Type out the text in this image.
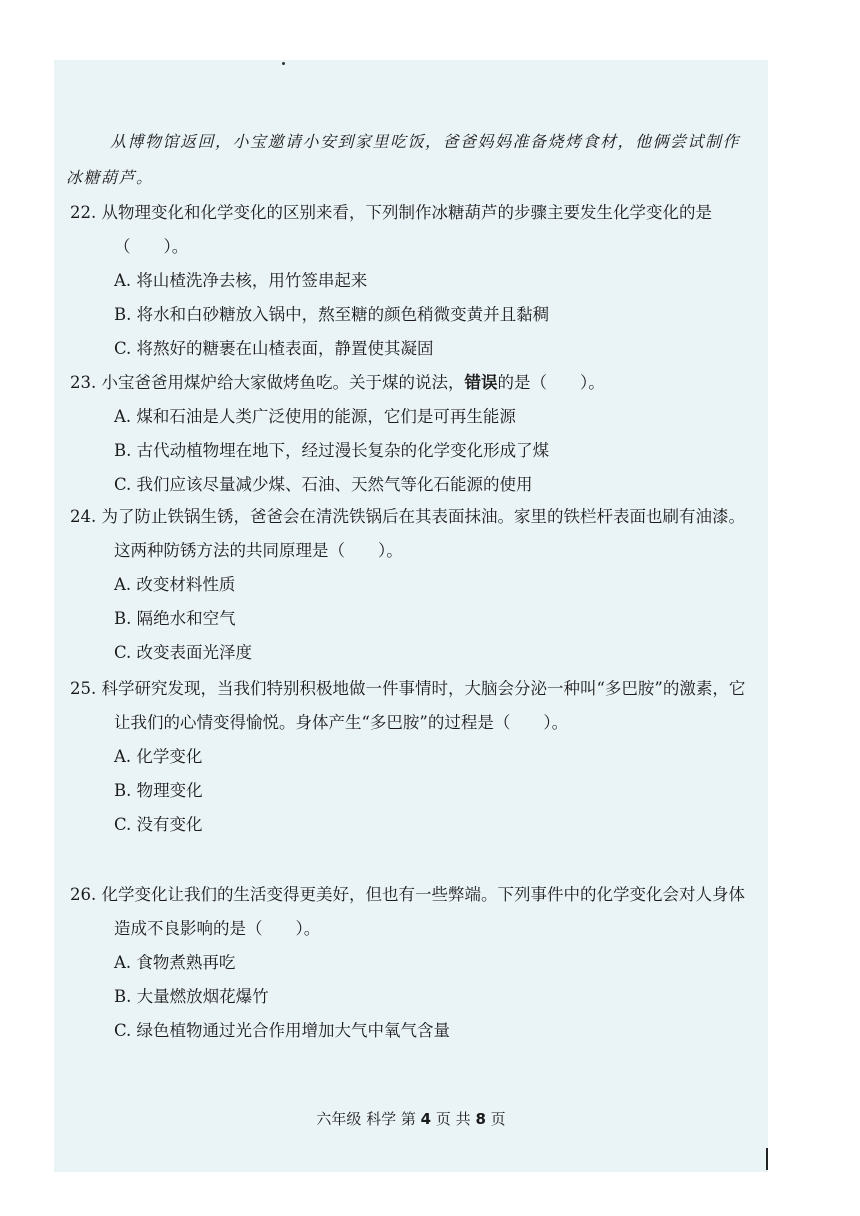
从博物馆返回，小宝邀请小安到家里吃饭，爸爸妈妈准备烧烤食材，他俩尝试制作冰糖葫芦。

22. 从物理变化和化学变化的区别来看，下列制作冰糖葫芦的步骤主要发生化学变化的是（　　）。

A. 将山楂洗净去核，用竹签串起来

B. 将水和白砂糖放入锅中，熬至糖的颜色稍微变黄并且黏稠

C. 将熬好的糖裹在山楂表面，静置使其凝固

23. 小宝爸爸用煤炉给大家做烤鱼吃。关于煤的说法，错误的是（　　）。

A. 煤和石油是人类广泛使用的能源，它们是可再生能源

B. 古代动植物埋在地下，经过漫长复杂的化学变化形成了煤

C. 我们应该尽量减少煤、石油、天然气等化石能源的使用

24. 为了防止铁锅生锈，爸爸会在清洗铁锅后在其表面抹油。家里的铁栏杆表面也刷有油漆。这两种防锈方法的共同原理是（　　）。

A. 改变材料性质

B. 隔绝水和空气

C. 改变表面光泽度

25. 科学研究发现，当我们特别积极地做一件事情时，大脑会分泌一种叫“多巴胺”的激素，它让我们的心情变得愉悦。身体产生“多巴胺”的过程是（　　）。

A. 化学变化

B. 物理变化

C. 没有变化

26. 化学变化让我们的生活变得更美好，但也有一些弊端。下列事件中的化学变化会对人身体造成不良影响的是（　　）。

A. 食物煮熟再吃

B. 大量燃放烟花爆竹

C. 绿色植物通过光合作用增加大气中氧气含量

六年级 科学 第 4 页 共 8 页
